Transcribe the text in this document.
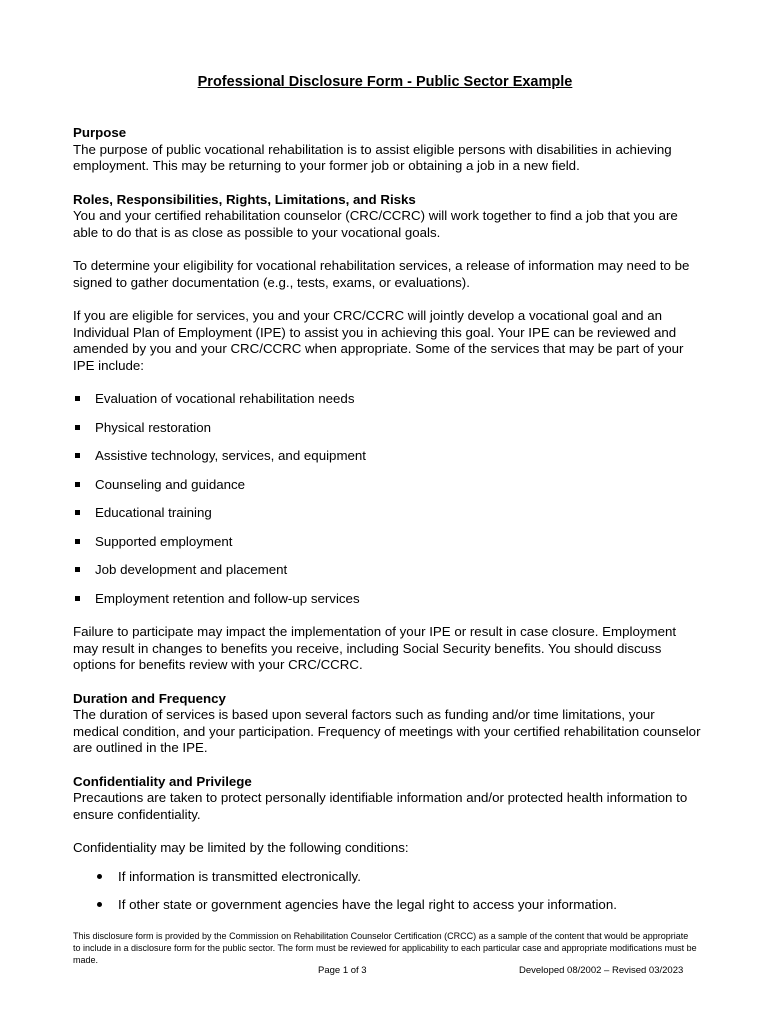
Professional Disclosure Form - Public Sector Example
Purpose

The purpose of public vocational rehabilitation is to assist eligible persons with disabilities in achieving employment. This may be returning to your former job or obtaining a job in a new field.

Roles, Responsibilities, Rights, Limitations, and Risks

You and your certified rehabilitation counselor (CRC/CCRC) will work together to find a job that you are able to do that is as close as possible to your vocational goals.

To determine your eligibility for vocational rehabilitation services, a release of information may need to be signed to gather documentation (e.g., tests, exams, or evaluations).

If you are eligible for services, you and your CRC/CCRC will jointly develop a vocational goal and an Individual Plan of Employment (IPE) to assist you in achieving this goal. Your IPE can be reviewed and amended by you and your CRC/CCRC when appropriate. Some of the services that may be part of your IPE include:

Evaluation of vocational rehabilitation needs
Physical restoration
Assistive technology, services, and equipment
Counseling and guidance
Educational training
Supported employment
Job development and placement
Employment retention and follow-up services

Failure to participate may impact the implementation of your IPE or result in case closure. Employment may result in changes to benefits you receive, including Social Security benefits. You should discuss options for benefits review with your CRC/CCRC.

Duration and Frequency

The duration of services is based upon several factors such as funding and/or time limitations, your medical condition, and your participation. Frequency of meetings with your certified rehabilitation counselor are outlined in the IPE.

Confidentiality and Privilege

Precautions are taken to protect personally identifiable information and/or protected health information to ensure confidentiality.

Confidentiality may be limited by the following conditions:

If information is transmitted electronically.
If other state or government agencies have the legal right to access your information.
This disclosure form is provided by the Commission on Rehabilitation Counselor Certification (CRCC) as a sample of the content that would be appropriate to include in a disclosure form for the public sector. The form must be reviewed for applicability to each particular case and appropriate modifications must be made.
Page 1 of 3	Developed 08/2002 – Revised 03/2023
